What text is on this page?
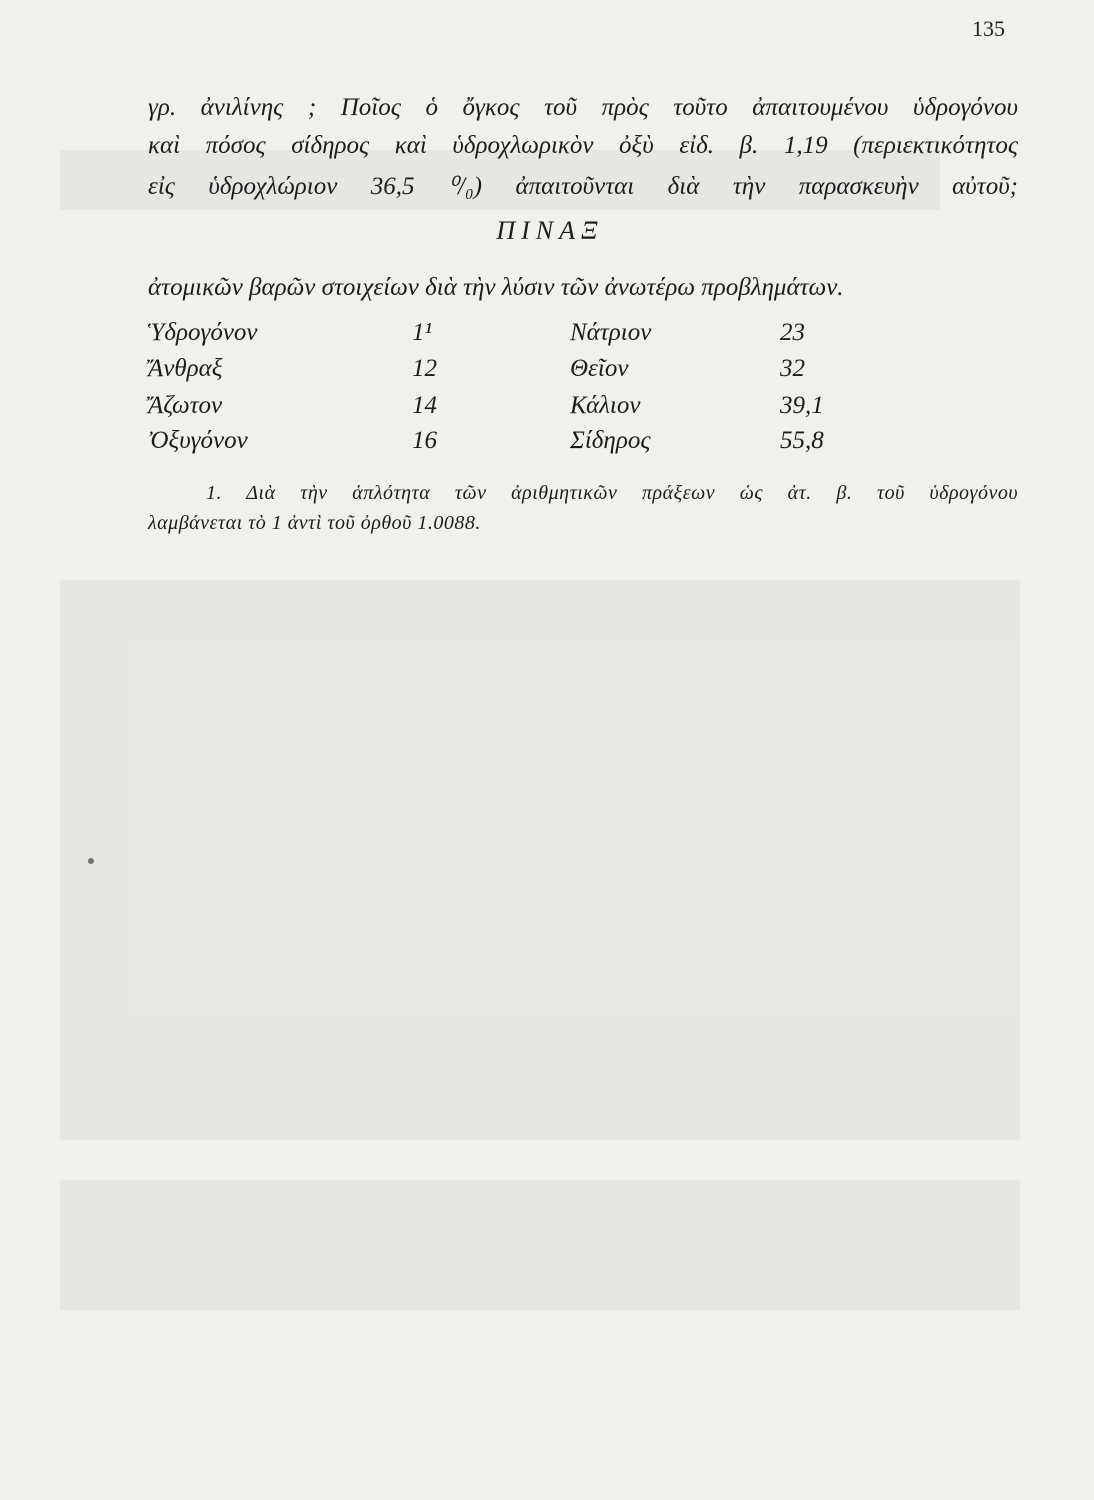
135
γρ. ἀνιλίνης ; Ποῖος ὁ ὄγκος τοῦ πρὸς τοῦτο ἀπαιτουμένου ὑδρογόνου
καὶ πόσος σίδηρος καὶ ὑδροχλωρικὸν ὀξὺ εἰδ. β. 1,19 (περιεκτικότητος
εἰς ὑδροχλώριον 36,5 ⁰/₀) ἀπαιτοῦνται διὰ τὴν παρασκευὴν αὐτοῦ;
ΠΙΝΑΞ
ἀτομικῶν βαρῶν στοιχείων διὰ τὴν λύσιν τῶν ἀνωτέρω προβλημάτων.
Ὑδρογόνον	1¹	Νάτριον	23
Ἄνθραξ	12	Θεῖον	32
Ἄζωτον	14	Κάλιον	39,1
Ὀξυγόνον	16	Σίδηρος	55,8
1. Διὰ τὴν ἁπλότητα τῶν ἀριθμητικῶν πράξεων ὡς ἀτ. β. τοῦ ὑδρογόνου
λαμβάνεται τὸ 1 ἀντὶ τοῦ ὀρθοῦ 1.0088.
